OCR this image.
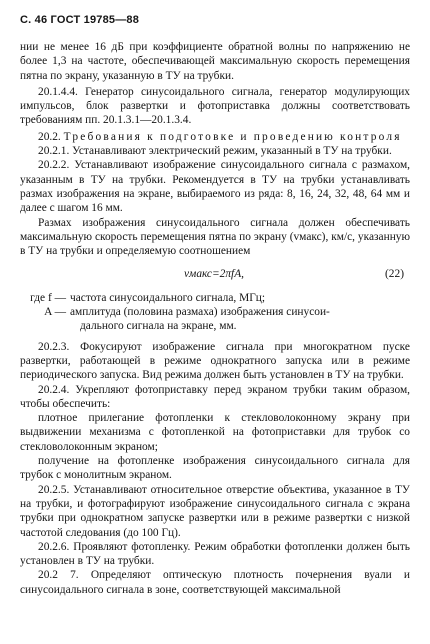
С. 46 ГОСТ 19785—88

нии не менее 16 дБ при коэффициенте обратной волны по напряжению не более 1,3 на частоте, обеспечивающей максимальную скорость перемещения пятна по экрану, указанную в ТУ на трубки.

20.1.4.4. Генератор синусоидального сигнала, генератор модулирующих импульсов, блок развертки и фотоприставка должны соответствовать требованиям пп. 20.1.3.1—20.1.3.4.

20.2. Требования к подготовке и проведению контроля

20.2.1. Устанавливают электрический режим, указанный в ТУ на трубки.

20.2.2. Устанавливают изображение синусоидального сигнала с размахом, указанным в ТУ на трубки. Рекомендуется в ТУ на трубки устанавливать размах изображения на экране, выбираемого из ряда: 8, 16, 24, 32, 48, 64 мм и далее с шагом 16 мм.

Размах изображения синусоидального сигнала должен обеспечивать максимальную скорость перемещения пятна по экрану (vмакс), км/с, указанную в ТУ на трубки и определяемую соотношением

vмакс=2πfA,	(22)
где f — частота синусоидального сигнала, МГц;
A — амплитуда (половина размаха) изображения синусои-
дального сигнала на экране, мм.

20.2.3. Фокусируют изображение сигнала при многократном пуске развертки, работающей в режиме однократного запуска или в режиме периодического запуска. Вид режима должен быть установлен в ТУ на трубки.

20.2.4. Укрепляют фотоприставку перед экраном трубки таким образом, чтобы обеспечить:

плотное прилегание фотопленки к стекловолоконному экрану при выдвижении механизма с фотопленкой на фотоприставки для трубок со стекловолоконным экраном;

получение на фотопленке изображения синусоидального сигнала для трубок с монолитным экраном.

20.2.5. Устанавливают относительное отверстие объектива, указанное в ТУ на трубки, и фотографируют изображение синусоидального сигнала с экрана трубки при однократном запуске развертки или в режиме развертки с низкой частотой следования (до 100 Гц).

20.2.6. Проявляют фотопленку. Режим обработки фотопленки должен быть установлен в ТУ на трубки.

20.2 7. Определяют оптическую плотность почернения вуали и синусоидального сигнала в зоне, соответствующей максимальной
